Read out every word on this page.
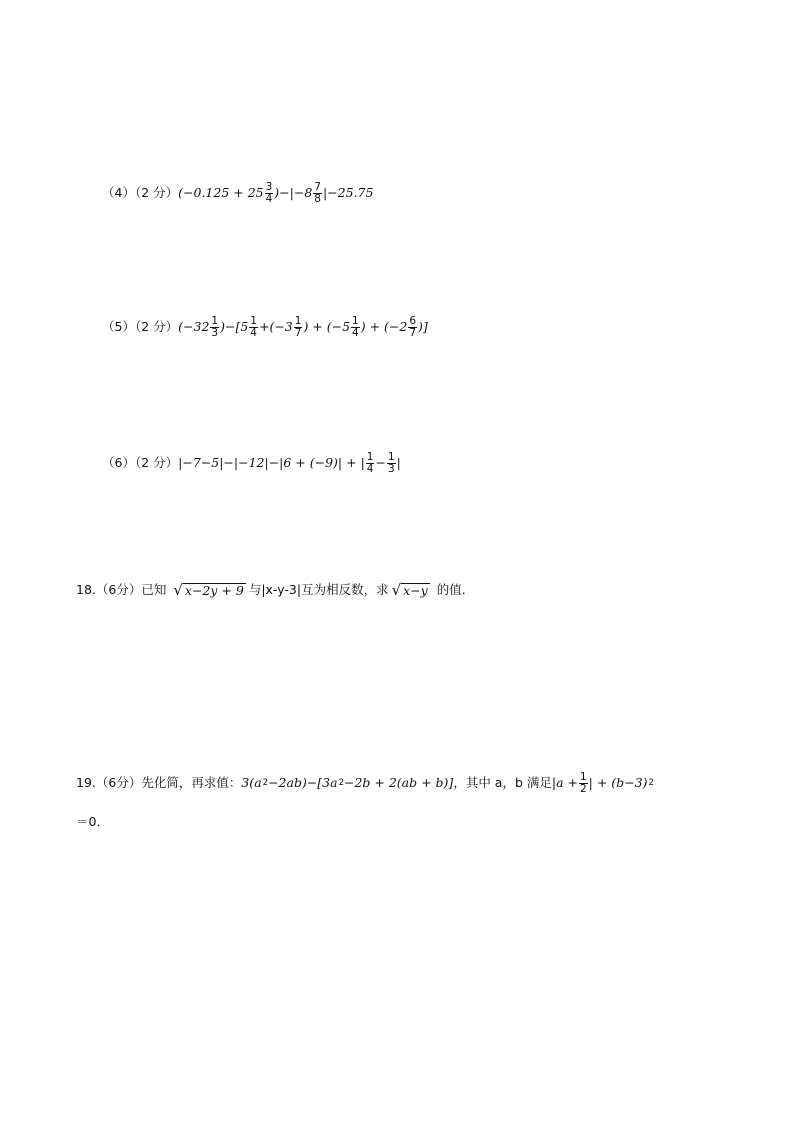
（4）（2 分） $(-0.125 + 25 \frac{3}{4} )-|-8 \frac{7}{8} |-25.75$
（5）（2 分） $(-32 \frac{1}{3} )-[5 \frac{1}{4} +(-3 \frac{1}{7}$ ) + ($-5 \frac{1}{4}$ ) + ($-2 \frac{6}{7}$ )]
（6）（2 分） |−7−5|−|−12|−|6 + (−9)| + | $\frac{1}{4} - \frac{1}{3}$ |
18.（6分）已知 √ x−2y + 9 与|x-y-3|互为相反数，求 √ x−y 的值．
19.（6分）先化简，再求值： 3( a 2 −2ab)−[3 a 2 −2b + 2(ab + b)] ，其中 a，b 满足| $a + \frac{1}{2}$ | + (b−3) 2
＝0．
